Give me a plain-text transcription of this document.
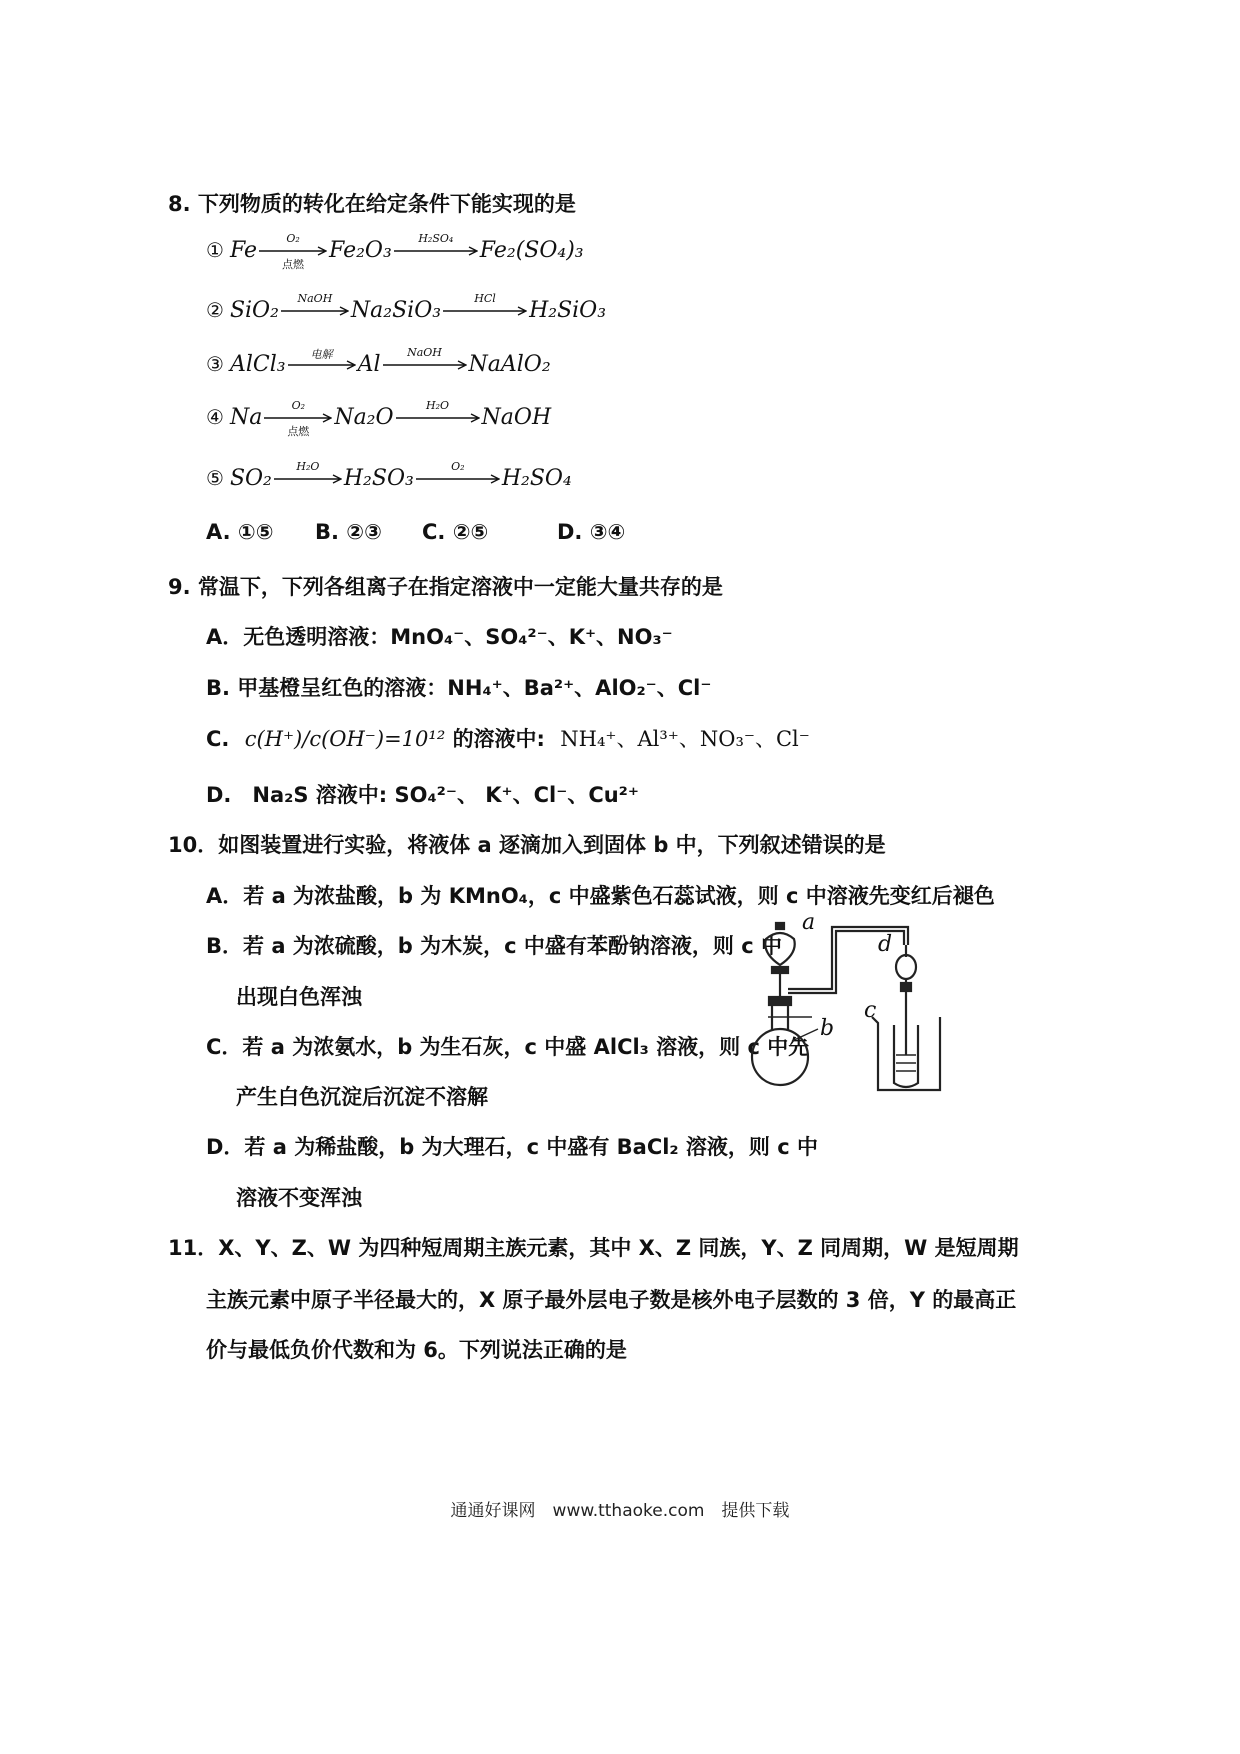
8. 下列物质的转化在给定条件下能实现的是
① Fe	O₂
点燃
Fe₂O₃	H₂SO₄	Fe₂(SO₄)₃
② SiO₂	NaOH Na₂SiO₃	HCl	H₂SiO₃
③ AlCl₃	电解	Al	NaOH	NaAlO₂
④ Na	O₂
点燃
Na₂O	H₂O	NaOH
⑤ SO₂	H₂O	H₂SO₃	O₂	H₂SO₄
A. ①⑤ B. ②③ C. ②⑤	D. ③④
9. 常温下，下列各组离子在指定溶液中一定能大量共存的是
A．无色透明溶液：MnO₄⁻、SO₄²⁻、K⁺、NO₃⁻
B. 甲基橙呈红色的溶液：NH₄⁺、Ba²⁺、AlO₂⁻、Cl⁻
C. c(H⁺)/c(OH⁻)=10¹² 的溶液中: NH₄⁺、Al³⁺、NO₃⁻、Cl⁻
D.　Na₂S 溶液中: SO₄²⁻、 K⁺、Cl⁻、Cu²⁺
10．如图装置进行实验，将液体 a 逐滴加入到固体 b 中，下列叙述错误的是
A．若 a 为浓盐酸，b 为 KMnO₄，c 中盛紫色石蕊试液，则 c 中溶液先变红后褪色
B．若 a 为浓硫酸，b 为木炭，c 中盛有苯酚钠溶液，则 c 中
出现白色浑浊
C．若 a 为浓氨水，b 为生石灰，c 中盛 AlCl₃ 溶液，则 c 中先
产生白色沉淀后沉淀不溶解
D．若 a 为稀盐酸，b 为大理石，c 中盛有 BaCl₂ 溶液，则 c 中
溶液不变浑浊
a
b
c
d
11．X、Y、Z、W 为四种短周期主族元素，其中 X、Z 同族，Y、Z 同周期，W 是短周期
主族元素中原子半径最大的，X 原子最外层电子数是核外电子层数的 3 倍，Y 的最高正
价与最低负价代数和为 6。下列说法正确的是
通通好课网　www.tthaoke.com　提供下载
